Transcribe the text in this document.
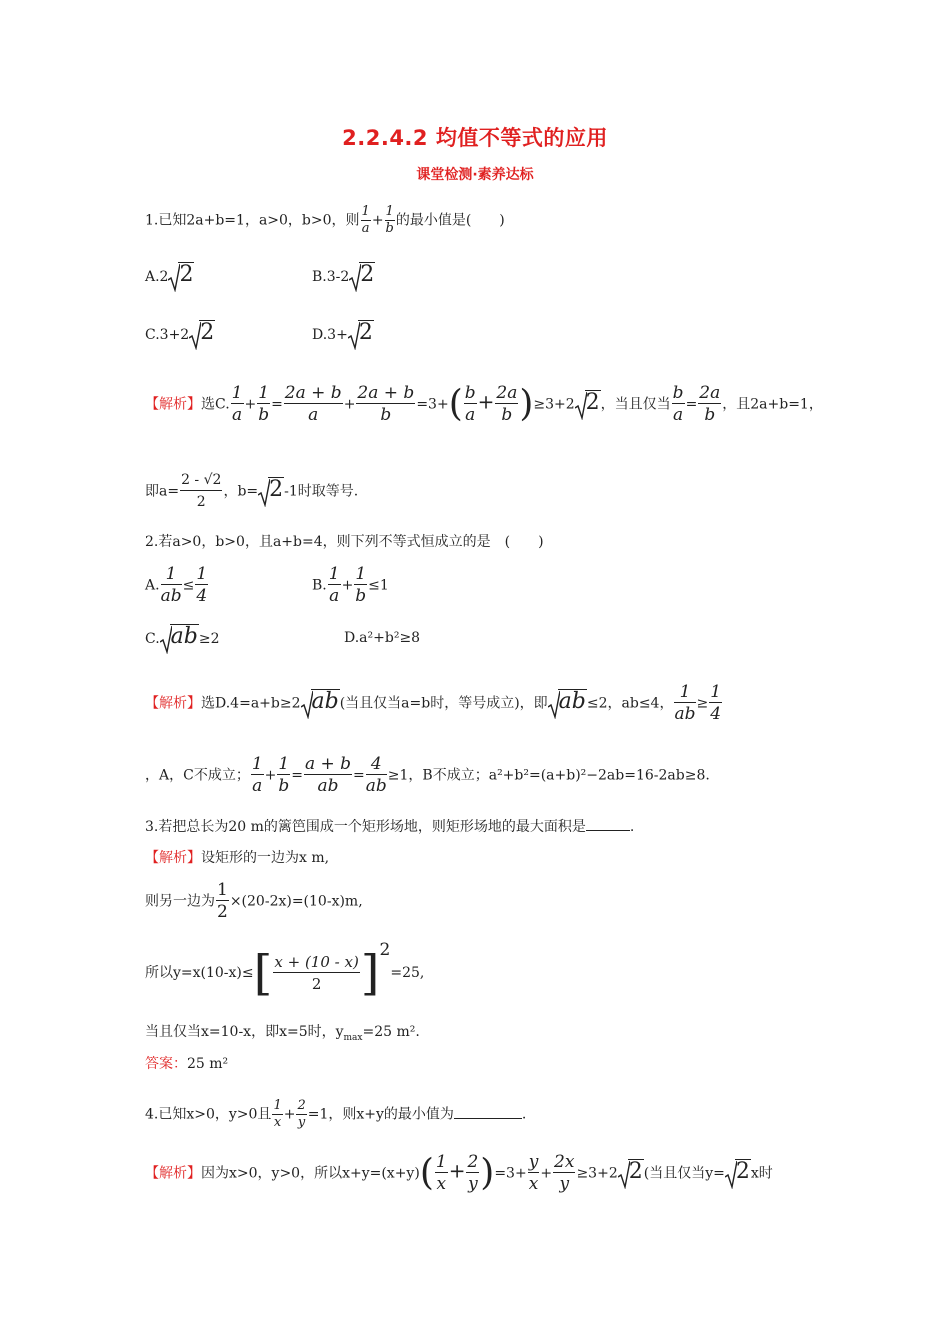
2.2.4.2 均值不等式的应用
课堂检测·素养达标
1.已知2a+b=1，a>0，b>0，则 $\frac{1}{a} + \frac{1}{b}$ 的最小值是(　　)
A.2 2	B.3-2 2
C.3+2 2	D.3+ 2
【解析】选C. $\frac{1}{a} + \frac{1}{b} = \frac{2a + b}{a} + \frac{2a + b}{b} =3+( \frac{b}{a} + \frac{2a}{b} )\ge 3+2$ 2，当且仅当 $\frac{b}{a} = \frac{2a}{b}$ ，且2a+b=1，
即$a= \frac{2 - √2}{2}$ ，b= 2-1时取等号.
2.若a>0，b>0，且a+b=4，则下列不等式恒成立的是　(　　)
A. $\frac{1}{ab} \le \frac{1}{4}$	B. $\frac{1}{a} + \frac{1}{b} \le 1$
C. ab≥2	D.a²+b²≥8
【解析】选D.4=a+b≥2 ab(当且仅当a=b时，等号成立)，即 ab≤2，ab≤4， $\frac{1}{ab} \ge \frac{1}{4}$
，A，C不成立； $\frac{1}{a} + \frac{1}{b} = \frac{a + b}{ab} = \frac{4}{ab} \ge 1$，B不成立；a²+b²=(a+b)²−2ab=16-2ab≥8.
3.若把总长为20 m的篱笆围成一个矩形场地，则矩形场地的最大面积是	.
【解析】设矩形的一边为x m,
则另一边为 $\frac{1}{2} \times(20-2x)=(10-x)m$,
所以$y=x(10-x)\le[ \frac{x + (10 - x)}{2} ]^2=25$,
当且仅当x=10-x，即x=5时，$y_{max}=25$ m².
答案：25 m²
4.已知x>0，y>0且 $\frac{1}{x} + \frac{2}{y} =1$，则x+y的最小值为	.
【解析】因为x>0，y>0，所以$x+y=(x+y)( \frac{1}{x} + \frac{2}{y} )=3+ \frac{y}{x} + \frac{2x}{y} \ge 3+2$ 2(当且仅当y= 2x时
